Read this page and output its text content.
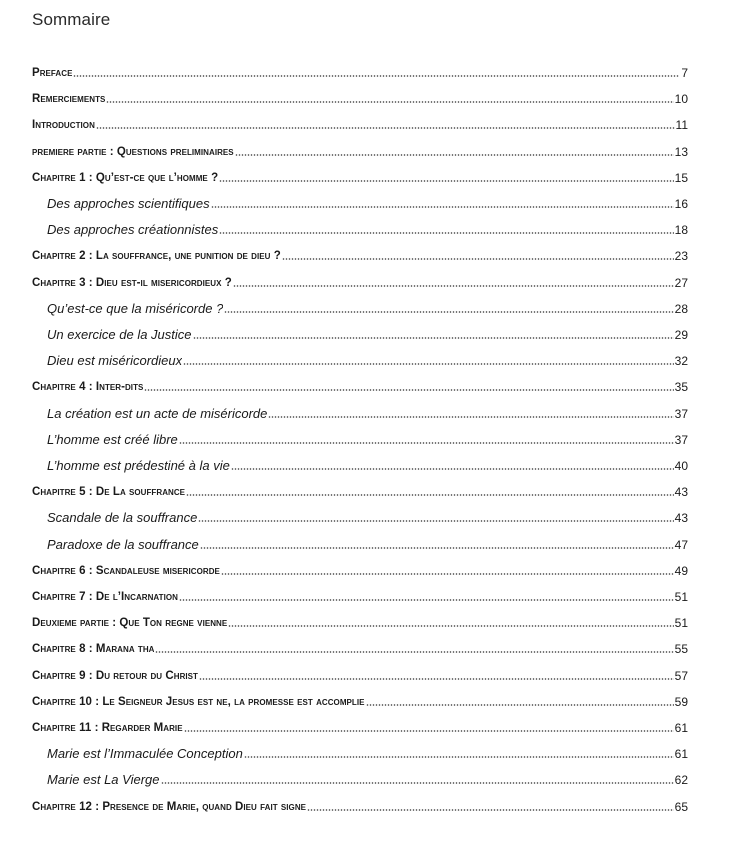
Sommaire
Preface	7
Remerciements	10
Introduction	11
premiere partie : Questions preliminaires	13
Chapitre 1 : Qu’est-ce que l’homme ?	15
Des approches scientifiques	16
Des approches créationnistes	18
Chapitre 2 : La souffrance, une punition de dieu ?	23
Chapitre 3 : Dieu est-il misericordieux ?	27
Qu’est-ce que la miséricorde ?	28
Un exercice de la Justice	29
Dieu est miséricordieux	32
Chapitre 4 : Inter-dits	35
La création est un acte de miséricorde	37
L’homme est créé libre	37
L’homme est prédestiné à la vie	40
Chapitre 5 : De La souffrance	43
Scandale de la souffrance	43
Paradoxe de la souffrance	47
Chapitre 6 : Scandaleuse misericorde	49
Chapitre 7 : De l’Incarnation	51
Deuxieme partie : Que Ton regne vienne	51
Chapitre 8 : Marana tha	55
Chapitre 9 : Du retour du Christ	57
Chapitre 10 : Le Seigneur Jesus est ne, la promesse est accomplie	59
Chapitre 11 : Regarder Marie	61
Marie est l’Immaculée Conception	61
Marie est La Vierge	62
Chapitre 12 : Presence de Marie, quand Dieu fait signe	65
